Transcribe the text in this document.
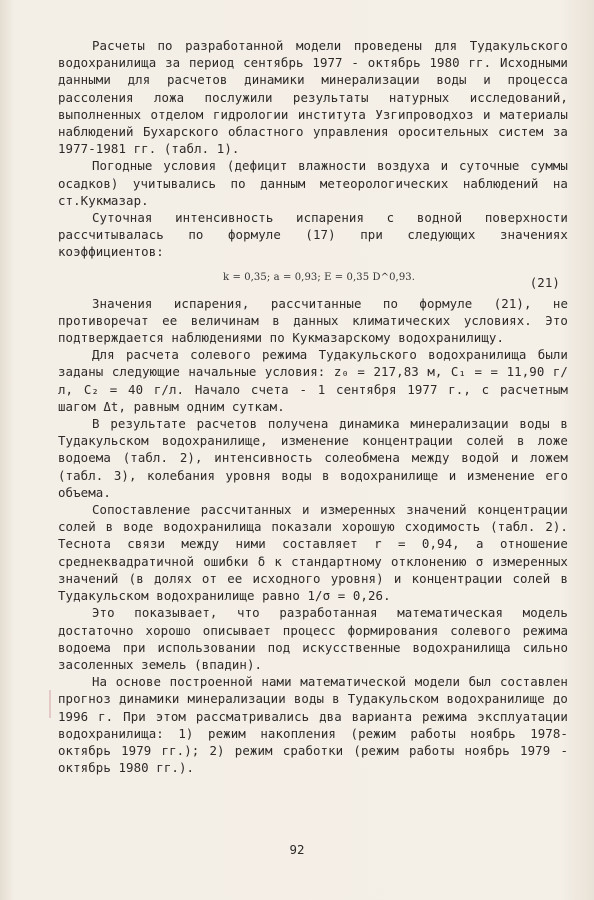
Расчеты по разработанной модели проведены для Тудакульского водохранилища за период сентябрь 1977 - октябрь 1980 гг. Исходными данными для расчетов динамики минерализации воды и процесса рассоления ложа послужили результаты натурных исследований, выполненных отделом гидрологии института Узгипроводхоз и материалы наблюдений Бухарского областного управления оросительных систем за 1977-1981 гг. (табл. 1).

Погодные условия (дефицит влажности воздуха и суточные суммы осадков) учитывались по данным метеорологических наблюдений на ст.Кукмазар.

Суточная интенсивность испарения с водной поверхности рассчитывалась по формуле (17) при следующих значениях коэффициентов:

k = 0,35; a = 0,93; E = 0,35 D^0,93.	(21)

Значения испарения, рассчитанные по формуле (21), не противоречат ее величинам в данных климатических условиях. Это подтверждается наблюдениями по Кукмазарскому водохранилищу.

Для расчета солевого режима Тудакульского водохранилища были заданы следующие начальные условия: z₀ = 217,83 м, C₁ = = 11,90 г/л, C₂ = 40 г/л. Начало счета - 1 сентября 1977 г., с расчетным шагом Δt, равным одним суткам.

В результате расчетов получена динамика минерализации воды в Тудакульском водохранилище, изменение концентрации солей в ложе водоема (табл. 2), интенсивность солеобмена между водой и ложем (табл. 3), колебания уровня воды в водохранилище и изменение его объема.

Сопоставление рассчитанных и измеренных значений концентрации солей в воде водохранилища показали хорошую сходимость (табл. 2). Теснота связи между ними составляет r = 0,94, а отношение среднеквадратичной ошибки δ к стандартному отклонению σ измеренных значений (в долях от ее исходного уровня) и концентрации солей в Тудакульском водохранилище равно 1/σ = 0,26.

Это показывает, что разработанная математическая модель достаточно хорошо описывает процесс формирования солевого режима водоема при использовании под искусственные водохранилища сильно засоленных земель (впадин).

На основе построенной нами математической модели был составлен прогноз динамики минерализации воды в Тудакульском водохранилище до 1996 г. При этом рассматривались два варианта режима эксплуатации водохранилища: 1) режим накопления (режим работы ноябрь 1978- октябрь 1979 гг.); 2) режим сработки (режим работы ноябрь 1979 - октябрь 1980 гг.).

92
